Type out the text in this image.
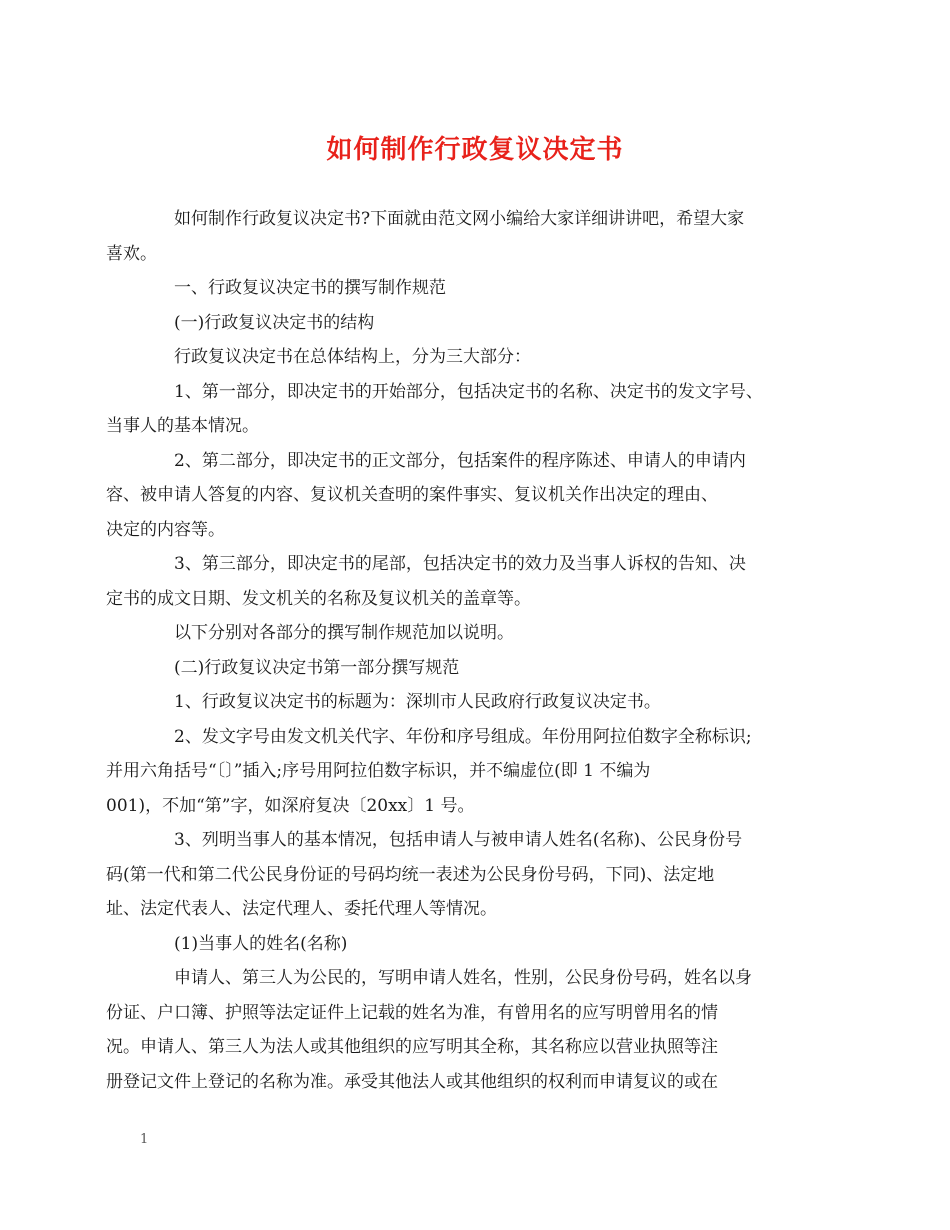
如何制作行政复议决定书

如何制作行政复议决定书?下面就由范文网小编给大家详细讲讲吧，希望大家
喜欢。

一、行政复议决定书的撰写制作规范

(一)行政复议决定书的结构

行政复议决定书在总体结构上，分为三大部分：

1、第一部分，即决定书的开始部分，包括决定书的名称、决定书的发文字号、
当事人的基本情况。

2、第二部分，即决定书的正文部分，包括案件的程序陈述、申请人的申请内
容、被申请人答复的内容、复议机关查明的案件事实、复议机关作出决定的理由、
决定的内容等。

3、第三部分，即决定书的尾部，包括决定书的效力及当事人诉权的告知、决
定书的成文日期、发文机关的名称及复议机关的盖章等。

以下分别对各部分的撰写制作规范加以说明。

(二)行政复议决定书第一部分撰写规范

1、行政复议决定书的标题为：深圳市人民政府行政复议决定书。

2、发文字号由发文机关代字、年份和序号组成。年份用阿拉伯数字全称标识;
并用六角括号“〔〕”插入;序号用阿拉伯数字标识，并不编虚位(即 1 不编为
001)，不加“第”字，如深府复决〔20xx〕1 号。

3、列明当事人的基本情况，包括申请人与被申请人姓名(名称)、公民身份号
码(第一代和第二代公民身份证的号码均统一表述为公民身份号码，下同)、法定地
址、法定代表人、法定代理人、委托代理人等情况。

(1)当事人的姓名(名称)

申请人、第三人为公民的，写明申请人姓名，性别，公民身份号码，姓名以身
份证、户口簿、护照等法定证件上记载的姓名为准，有曾用名的应写明曾用名的情
况。申请人、第三人为法人或其他组织的应写明其全称，其名称应以营业执照等注
册登记文件上登记的名称为准。承受其他法人或其他组织的权利而申请复议的或在

1
